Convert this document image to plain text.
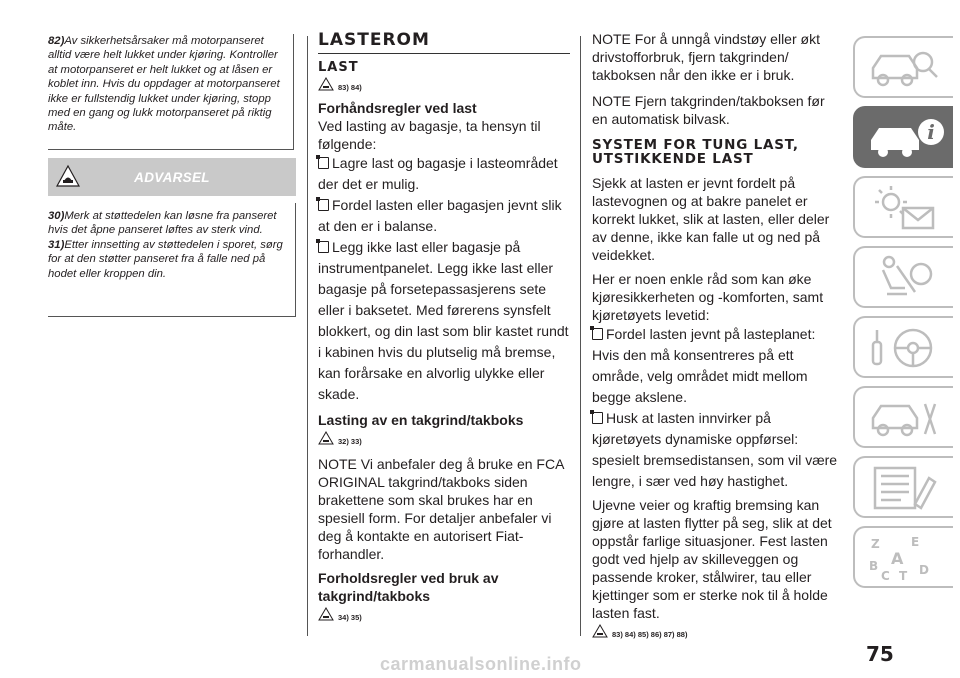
82)Av sikkerhetsårsaker må motorpanseret alltid være helt lukket under kjøring. Kontroller at motorpanseret er helt lukket og at låsen er koblet inn. Hvis du oppdager at motorpanseret ikke er fullstendig lukket under kjøring, stopp med en gang og lukk motorpanseret på riktig måte.

ADVARSEL

30)Merk at støttedelen kan løsne fra panseret hvis det åpne panseret løftes av sterk vind.

31)Etter innsetting av støttedelen i sporet, sørg for at den støtter panseret fra å falle ned på hodet eller kroppen din.

LASTEROM
LAST
83) 84)
Forhåndsregler ved last

Ved lasting av bagasje, ta hensyn til følgende:

Lagre last og bagasje i lasteområdet der det er mulig.

Fordel lasten eller bagasjen jevnt slik at den er i balanse.

Legg ikke last eller bagasje på instrumentpanelet. Legg ikke last eller bagasje på forsetepassasjerens sete eller i baksetet. Med førerens synsfelt blokkert, og din last som blir kastet rundt i kabinen hvis du plutselig må bremse, kan forårsake en alvorlig ulykke eller skade.

Lasting av en takgrind/takboks
32) 33)

NOTE Vi anbefaler deg å bruke en FCA ORIGINAL takgrind/takboks siden brakettene som skal brukes har en spesiell form. For detaljer anbefaler vi deg å kontakte en autorisert Fiat-forhandler.

Forholdsregler ved bruk av takgrind/takboks
34) 35)

NOTE For å unngå vindstøy eller økt drivstofforbruk, fjern takgrinden/ takboksen når den ikke er i bruk.

NOTE Fjern takgrinden/takboksen før en automatisk bilvask.

SYSTEM FOR TUNG LAST, UTSTIKKENDE LAST

Sjekk at lasten er jevnt fordelt på lastevognen og at bakre panelet er korrekt lukket, slik at lasten, eller deler av denne, ikke kan falle ut og ned på veidekket.

Her er noen enkle råd som kan øke kjøresikkerheten og -komforten, samt kjøretøyets levetid:

Fordel lasten jevnt på lasteplanet: Hvis den må konsentreres på ett område, velg området midt mellom begge akslene.

Husk at lasten innvirker på kjøretøyets dynamiske oppførsel: spesielt bremsedistansen, som vil være lengre, i sær ved høy hastighet.

Ujevne veier og kraftig bremsing kan gjøre at lasten flytter på seg, slik at det oppstår farlige situasjoner. Fest lasten godt ved hjelp av skilleveggen og passende kroker, stålwirer, tau eller kjettinger som er sterke nok til å holde lasten fast.

83) 84) 85) 86) 87) 88)
i
Z	E
A
B
C T D
75
carmanualsonline.info
